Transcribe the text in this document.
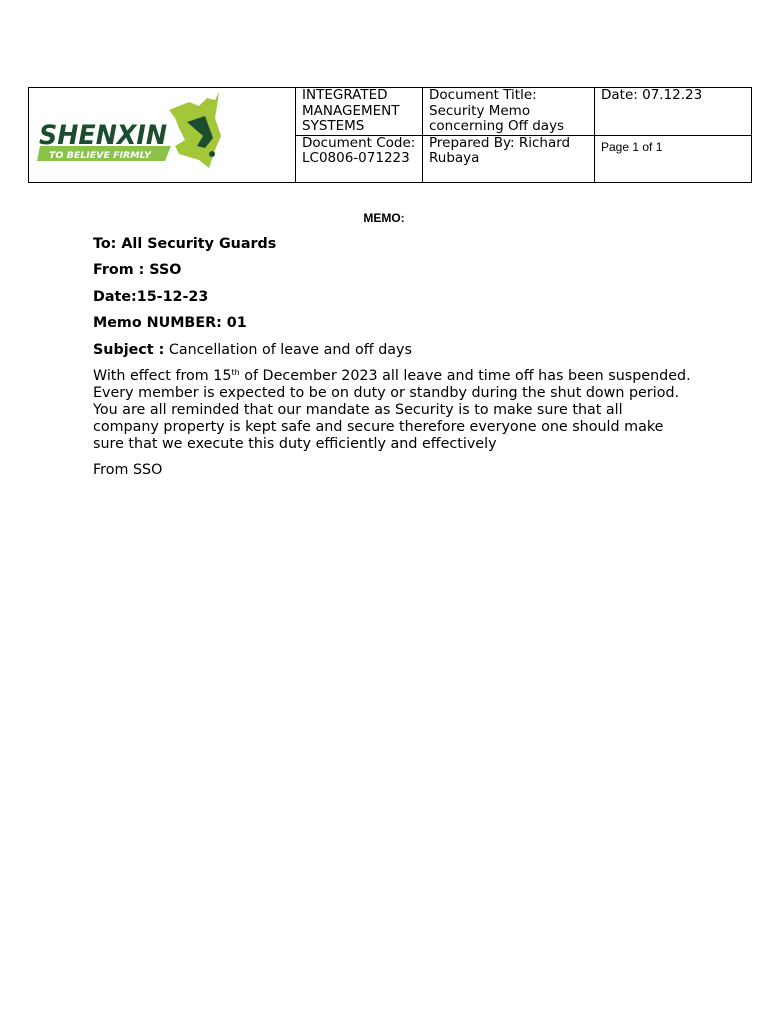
SHENXIN
TO BELIEVE FIRMLY	INTEGRATED MANAGEMENT SYSTEMS	Document Title: Security Memo concerning Off days	Date: 07.12.23
	Document Code: LC0806-071223	Prepared By: Richard Rubaya	Page 1 of 1
MEMO:

To: All Security Guards

From : SSO

Date:15-12-23

Memo NUMBER: 01

Subject : Cancellation of leave and off days

With effect from 15th of December 2023 all leave and time off has been suspended. Every member is expected to be on duty or standby during the shut down period. You are all reminded that our mandate as Security is to make sure that all company property is kept safe and secure therefore everyone one should make sure that we execute this duty efficiently and effectively

From SSO
